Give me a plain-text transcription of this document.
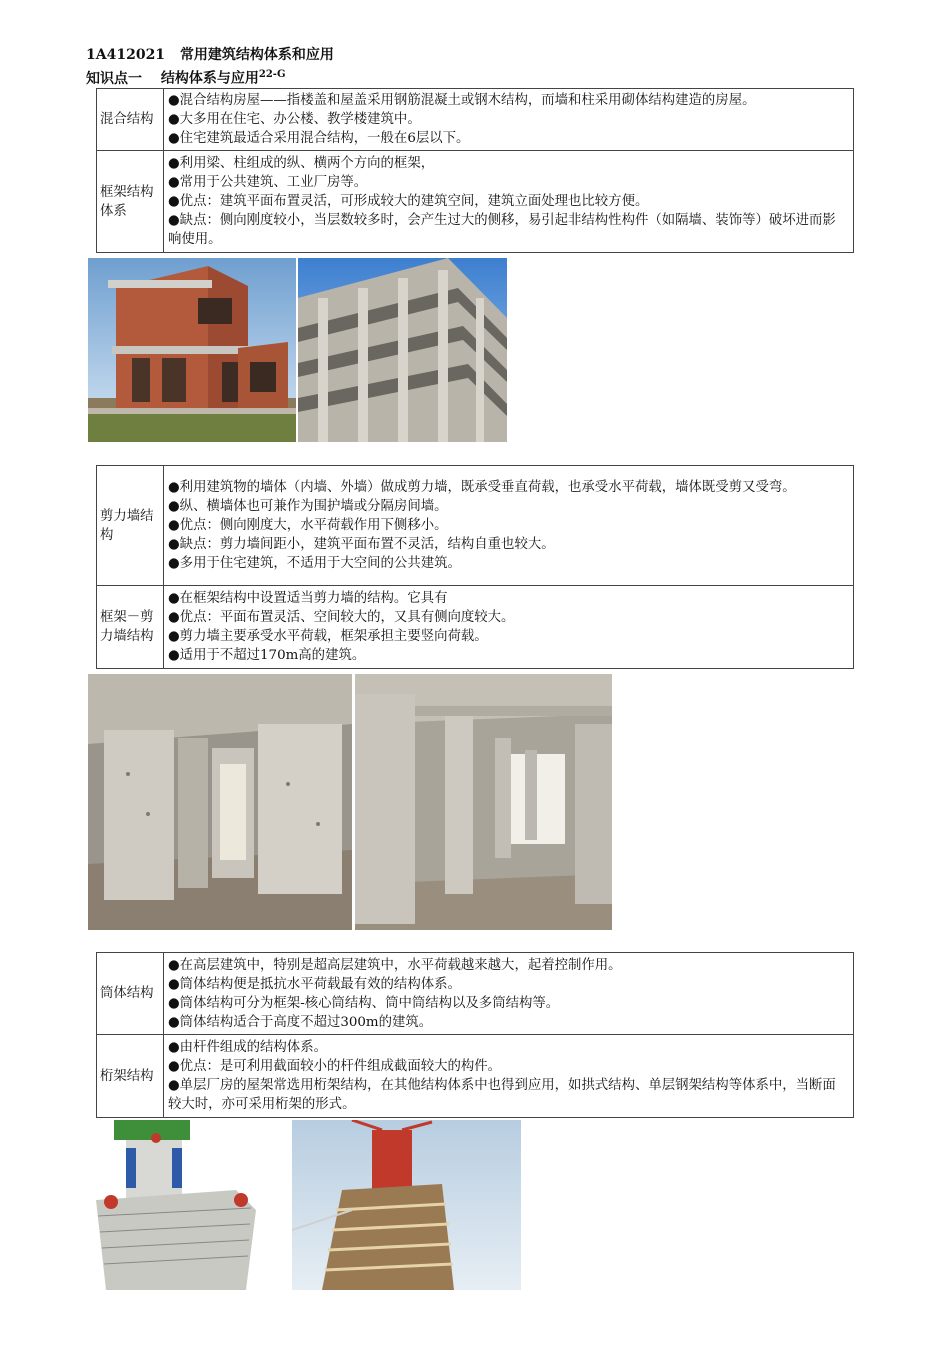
1A412021 常用建筑结构体系和应用
知识点一 结构体系与应用$^{22-G}$
混合结构	●混合结构房屋——指楼盖和屋盖采用钢筋混凝土或钢木结构，而墙和柱采用砌体结构建造的房屋。
●大多用在住宅、办公楼、教学楼建筑中。
●住宅建筑最适合采用混合结构，一般在6层以下。

框架结构体系	●利用梁、柱组成的纵、横两个方向的框架，
●常用于公共建筑、工业厂房等。
●优点：建筑平面布置灵活，可形成较大的建筑空间，建筑立面处理也比较方便。
●缺点：侧向刚度较小，当层数较多时，会产生过大的侧移，易引起非结构性构件（如隔墙、装饰等）破坏进而影响使用。
剪力墙结构	●利用建筑物的墙体（内墙、外墙）做成剪力墙，既承受垂直荷载，也承受水平荷载，墙体既受剪又受弯。
●纵、横墙体也可兼作为围护墙或分隔房间墙。
●优点：侧向刚度大，水平荷载作用下侧移小。
●缺点：剪力墙间距小，建筑平面布置不灵活，结构自重也较大。
●多用于住宅建筑，不适用于大空间的公共建筑。

框架－剪力墙结构	●在框架结构中设置适当剪力墙的结构。它具有
●优点：平面布置灵活、空间较大的，又具有侧向度较大。
●剪力墙主要承受水平荷载，框架承担主要竖向荷载。
●适用于不超过170m高的建筑。
筒体结构	●在高层建筑中，特别是超高层建筑中，水平荷载越来越大，起着控制作用。
●筒体结构便是抵抗水平荷载最有效的结构体系。
●筒体结构可分为框架-核心筒结构、筒中筒结构以及多筒结构等。
●筒体结构适合于高度不超过300m的建筑。

桁架结构	●由杆件组成的结构体系。
●优点：是可利用截面较小的杆件组成截面较大的构件。
●单层厂房的屋架常选用桁架结构，在其他结构体系中也得到应用，如拱式结构、单层钢架结构等体系中，当断面较大时，亦可采用桁架的形式。
